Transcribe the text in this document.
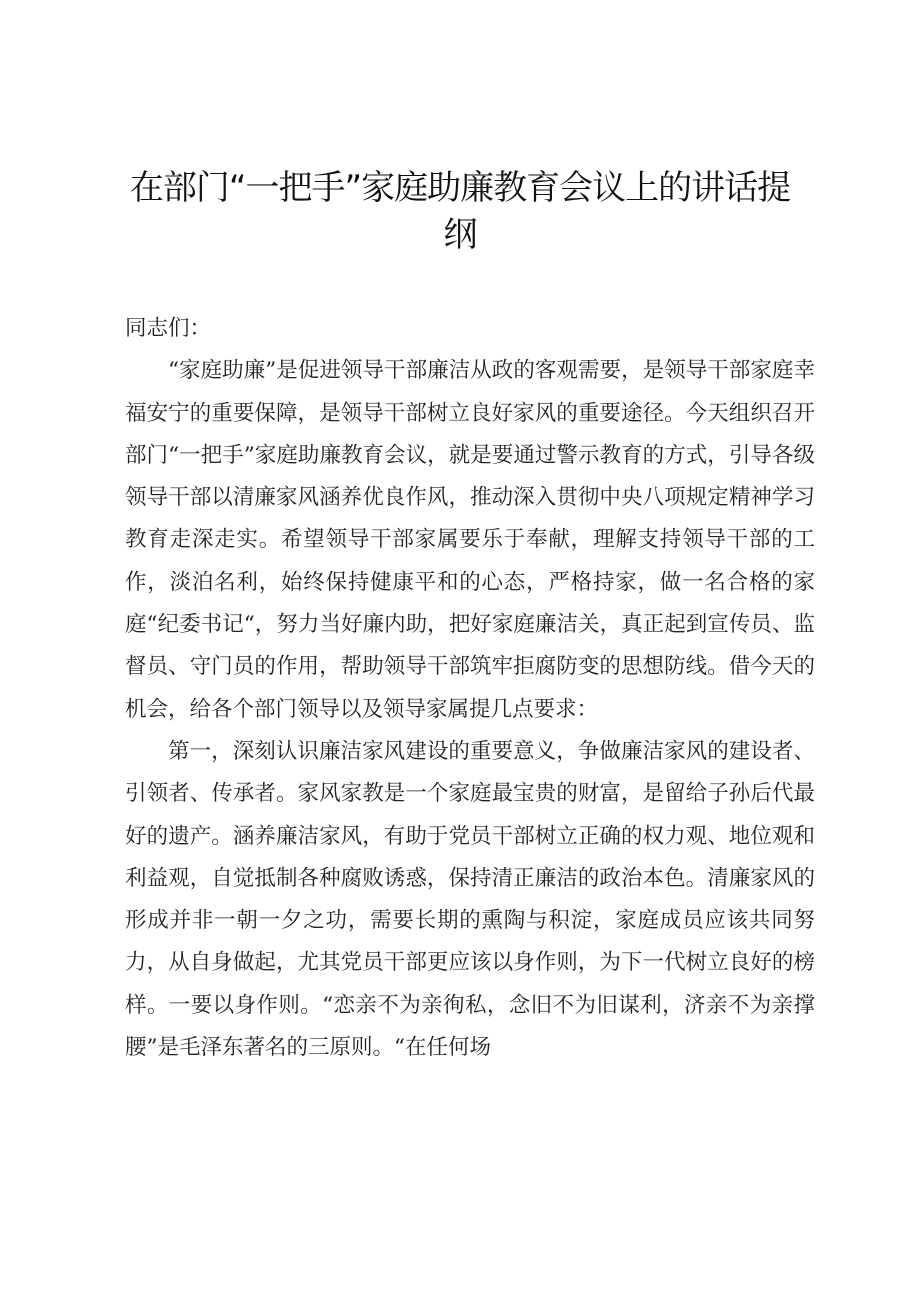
在部门“一把手”家庭助廉教育会议上的讲话提纲

同志们：

“家庭助廉”是促进领导干部廉洁从政的客观需要，是领导干部家庭幸福安宁的重要保障，是领导干部树立良好家风的重要途径。今天组织召开部门“一把手”家庭助廉教育会议，就是要通过警示教育的方式，引导各级领导干部以清廉家风涵养优良作风，推动深入贯彻中央八项规定精神学习教育走深走实。希望领导干部家属要乐于奉献，理解支持领导干部的工作，淡泊名利，始终保持健康平和的心态，严格持家，做一名合格的家庭“纪委书记“，努力当好廉内助，把好家庭廉洁关，真正起到宣传员、监督员、守门员的作用，帮助领导干部筑牢拒腐防变的思想防线。借今天的机会，给各个部门领导以及领导家属提几点要求：

第一，深刻认识廉洁家风建设的重要意义，争做廉洁家风的建设者、引领者、传承者。家风家教是一个家庭最宝贵的财富，是留给子孙后代最好的遗产。涵养廉洁家风，有助于党员干部树立正确的权力观、地位观和利益观，自觉抵制各种腐败诱惑，保持清正廉洁的政治本色。清廉家风的形成并非一朝一夕之功，需要长期的熏陶与积淀，家庭成员应该共同努力，从自身做起，尤其党员干部更应该以身作则，为下一代树立良好的榜样。一要以身作则。“恋亲不为亲徇私，念旧不为旧谋利，济亲不为亲撑腰”是毛泽东著名的三原则。“在任何场
